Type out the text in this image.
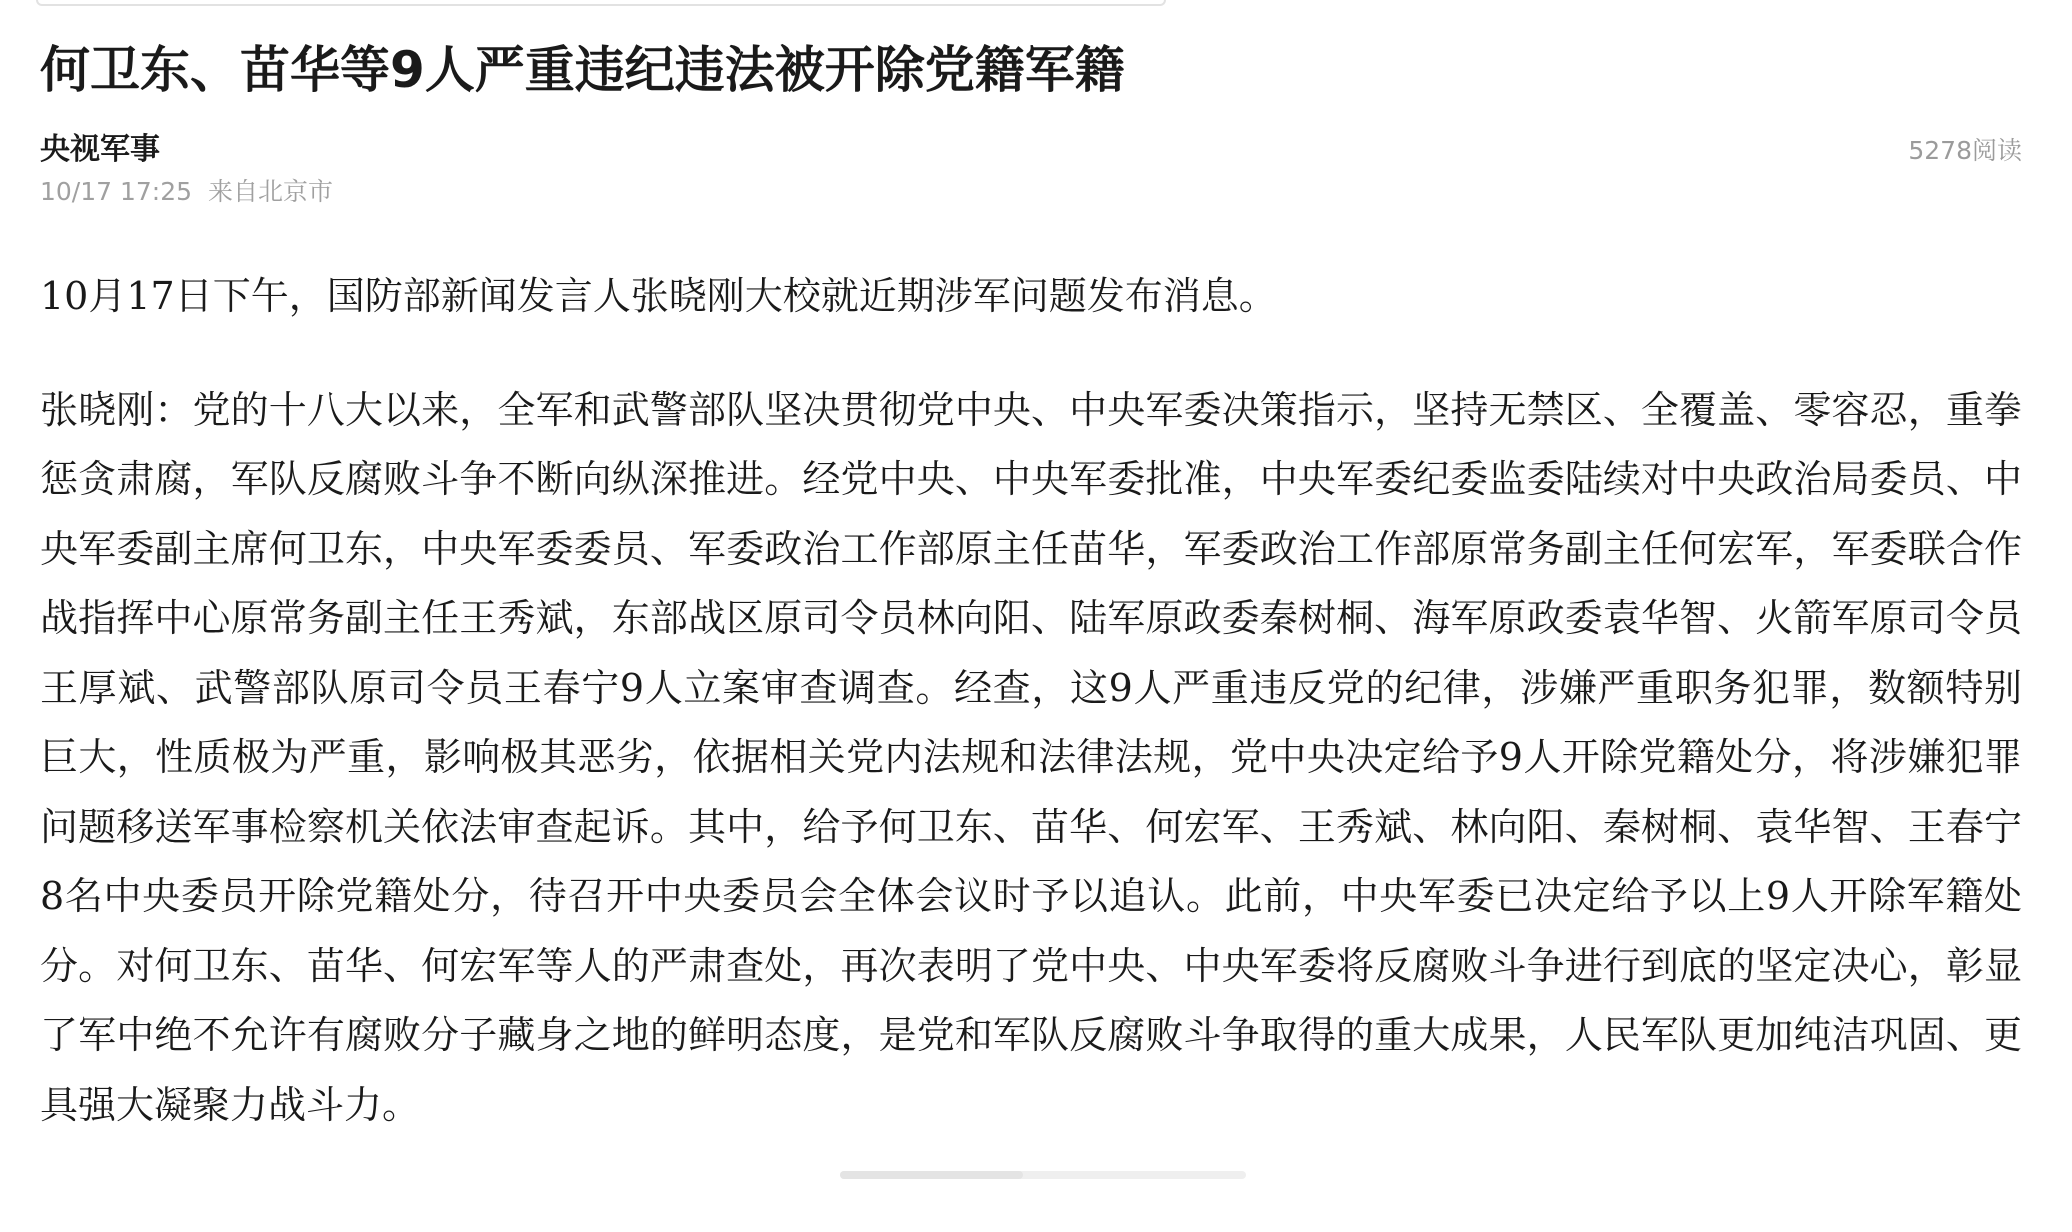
何卫东、苗华等9人严重违纪违法被开除党籍军籍
央视军事	5278阅读
10/17 17:25 来自北京市

10月17日下午，国防部新闻发言人张晓刚大校就近期涉军问题发布消息。

张晓刚：党的十八大以来，全军和武警部队坚决贯彻党中央、中央军委决策指示，坚持无禁区、全覆盖、零容忍，重拳惩贪肃腐，军队反腐败斗争不断向纵深推进。经党中央、中央军委批准，中央军委纪委监委陆续对中央政治局委员、中央军委副主席何卫东，中央军委委员、军委政治工作部原主任苗华，军委政治工作部原常务副主任何宏军，军委联合作战指挥中心原常务副主任王秀斌，东部战区原司令员林向阳、陆军原政委秦树桐、海军原政委袁华智、火箭军原司令员王厚斌、武警部队原司令员王春宁9人立案审查调查。经查，这9人严重违反党的纪律，涉嫌严重职务犯罪，数额特别巨大，性质极为严重，影响极其恶劣，依据相关党内法规和法律法规，党中央决定给予9人开除党籍处分，将涉嫌犯罪问题移送军事检察机关依法审查起诉。其中，给予何卫东、苗华、何宏军、王秀斌、林向阳、秦树桐、袁华智、王春宁8名中央委员开除党籍处分，待召开中央委员会全体会议时予以追认。此前，中央军委已决定给予以上9人开除军籍处分。对何卫东、苗华、何宏军等人的严肃查处，再次表明了党中央、中央军委将反腐败斗争进行到底的坚定决心，彰显了军中绝不允许有腐败分子藏身之地的鲜明态度，是党和军队反腐败斗争取得的重大成果，人民军队更加纯洁巩固、更具强大凝聚力战斗力。
